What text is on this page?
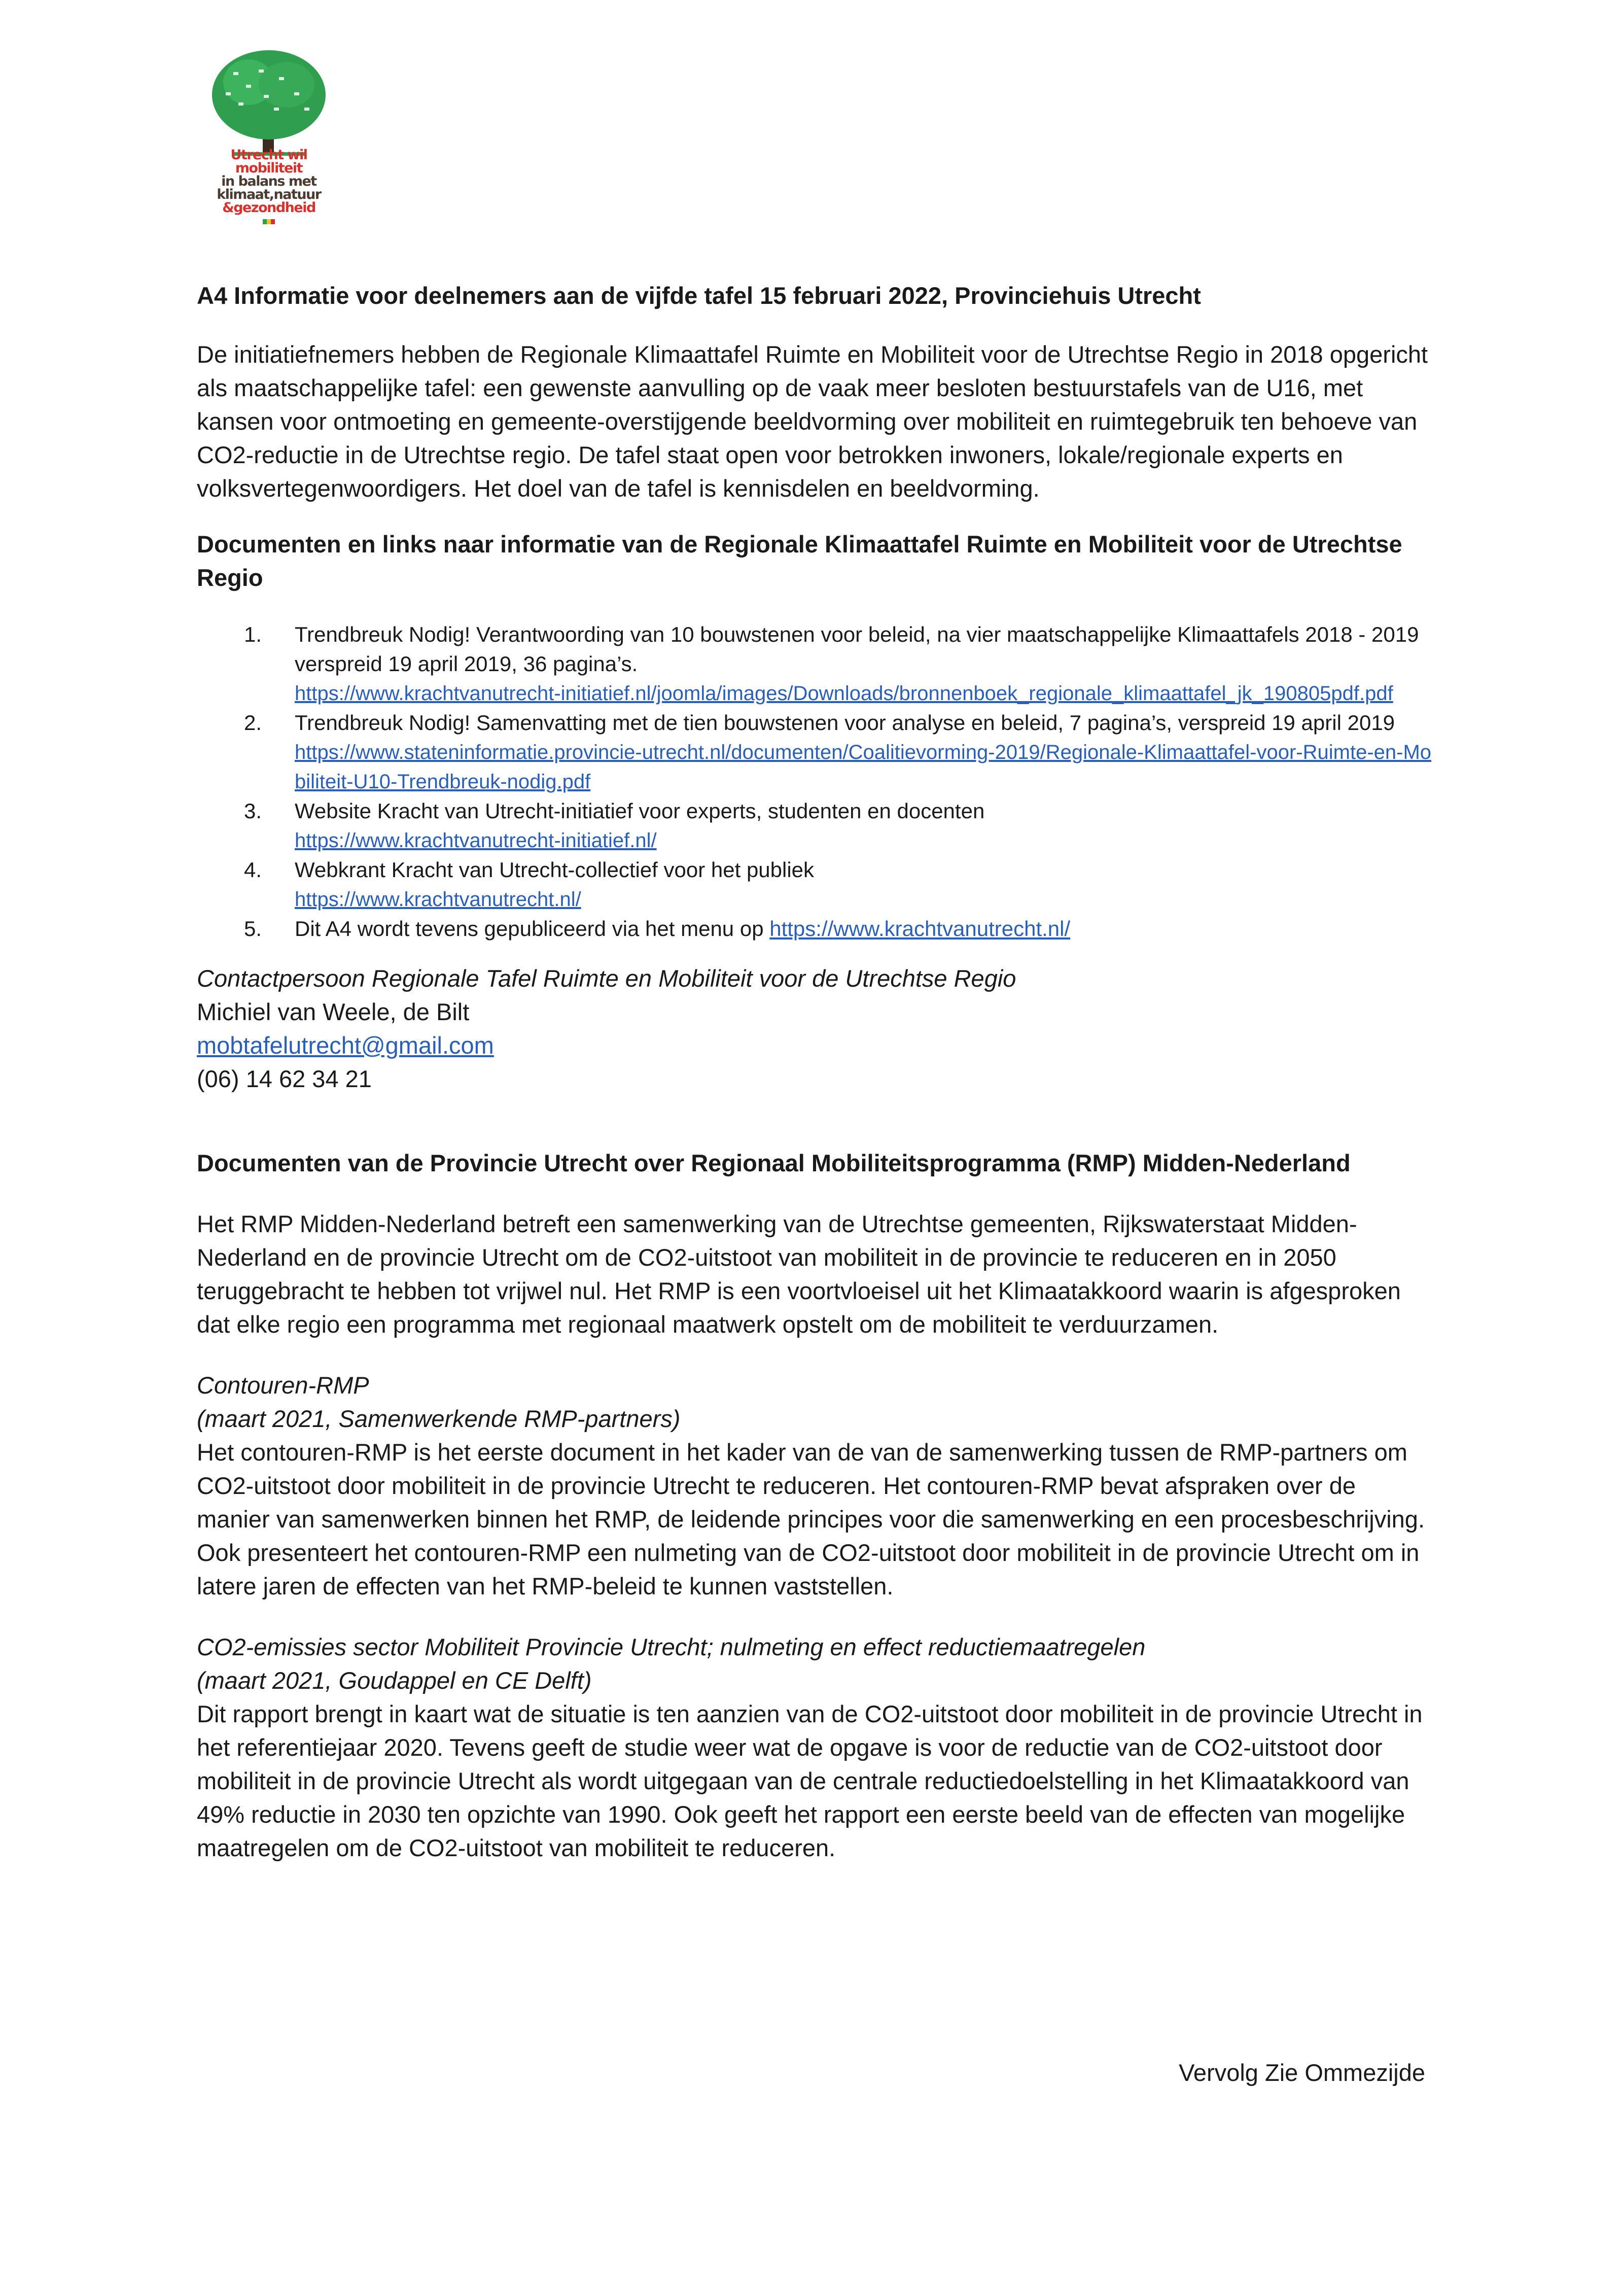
Utrecht wil
mobiliteit
in balans met
klimaat,natuur
&gezondheid

A4 Informatie voor deelnemers aan de vijfde tafel 15 februari 2022, Provinciehuis Utrecht

De initiatiefnemers hebben de Regionale Klimaattafel Ruimte en Mobiliteit voor de Utrechtse Regio in 2018 opgericht als maatschappelijke tafel: een gewenste aanvulling op de vaak meer besloten bestuurstafels van de U16, met kansen voor ontmoeting en gemeente-overstijgende beeldvorming over mobiliteit en ruimtegebruik ten behoeve van CO2-reductie in de Utrechtse regio. De tafel staat open voor betrokken inwoners, lokale/regionale experts en volksvertegenwoordigers. Het doel van de tafel is kennisdelen en beeldvorming.

Documenten en links naar informatie van de Regionale Klimaattafel Ruimte en Mobiliteit voor de Utrechtse Regio

1. Trendbreuk Nodig! Verantwoording van 10 bouwstenen voor beleid, na vier maatschappelijke Klimaattafels 2018 - 2019
verspreid 19 april 2019, 36 pagina’s.
https://www.krachtvanutrecht-initiatief.nl/joomla/images/Downloads/bronnenboek_regionale_klimaattafel_jk_190805pdf.pdf
2. Trendbreuk Nodig! Samenvatting met de tien bouwstenen voor analyse en beleid, 7 pagina’s, verspreid 19 april 2019
https://www.stateninformatie.provincie-utrecht.nl/documenten/Coalitievorming-2019/Regionale-Klimaattafel-voor-Ruimte-en-Mobiliteit-U10-Trendbreuk-nodig.pdf
3. Website Kracht van Utrecht-initiatief voor experts, studenten en docenten
https://www.krachtvanutrecht-initiatief.nl/
4. Webkrant Kracht van Utrecht-collectief voor het publiek
https://www.krachtvanutrecht.nl/
5. Dit A4 wordt tevens gepubliceerd via het menu op https://www.krachtvanutrecht.nl/

Contactpersoon Regionale Tafel Ruimte en Mobiliteit voor de Utrechtse Regio

Michiel van Weele, de Bilt

mobtafelutrecht@gmail.com

(06) 14 62 34 21

Documenten van de Provincie Utrecht over Regionaal Mobiliteitsprogramma (RMP) Midden-Nederland

Het RMP Midden-Nederland betreft een samenwerking van de Utrechtse gemeenten, Rijkswaterstaat Midden-Nederland en de provincie Utrecht om de CO2-uitstoot van mobiliteit in de provincie te reduceren en in 2050 teruggebracht te hebben tot vrijwel nul. Het RMP is een voortvloeisel uit het Klimaatakkoord waarin is afgesproken dat elke regio een programma met regionaal maatwerk opstelt om de mobiliteit te verduurzamen.

Contouren-RMP

(maart 2021, Samenwerkende RMP-partners)

Het contouren-RMP is het eerste document in het kader van de van de samenwerking tussen de RMP-partners om CO2-uitstoot door mobiliteit in de provincie Utrecht te reduceren. Het contouren-RMP bevat afspraken over de manier van samenwerken binnen het RMP, de leidende principes voor die samenwerking en een procesbeschrijving. Ook presenteert het contouren-RMP een nulmeting van de CO2-uitstoot door mobiliteit in de provincie Utrecht om in latere jaren de effecten van het RMP-beleid te kunnen vaststellen.

CO2-emissies sector Mobiliteit Provincie Utrecht; nulmeting en effect reductiemaatregelen

(maart 2021, Goudappel en CE Delft)

Dit rapport brengt in kaart wat de situatie is ten aanzien van de CO2-uitstoot door mobiliteit in de provincie Utrecht in het referentiejaar 2020. Tevens geeft de studie weer wat de opgave is voor de reductie van de CO2-uitstoot door mobiliteit in de provincie Utrecht als wordt uitgegaan van de centrale reductiedoelstelling in het Klimaatakkoord van 49% reductie in 2030 ten opzichte van 1990. Ook geeft het rapport een eerste beeld van de effecten van mogelijke maatregelen om de CO2-uitstoot van mobiliteit te reduceren.

Vervolg Zie Ommezijde
